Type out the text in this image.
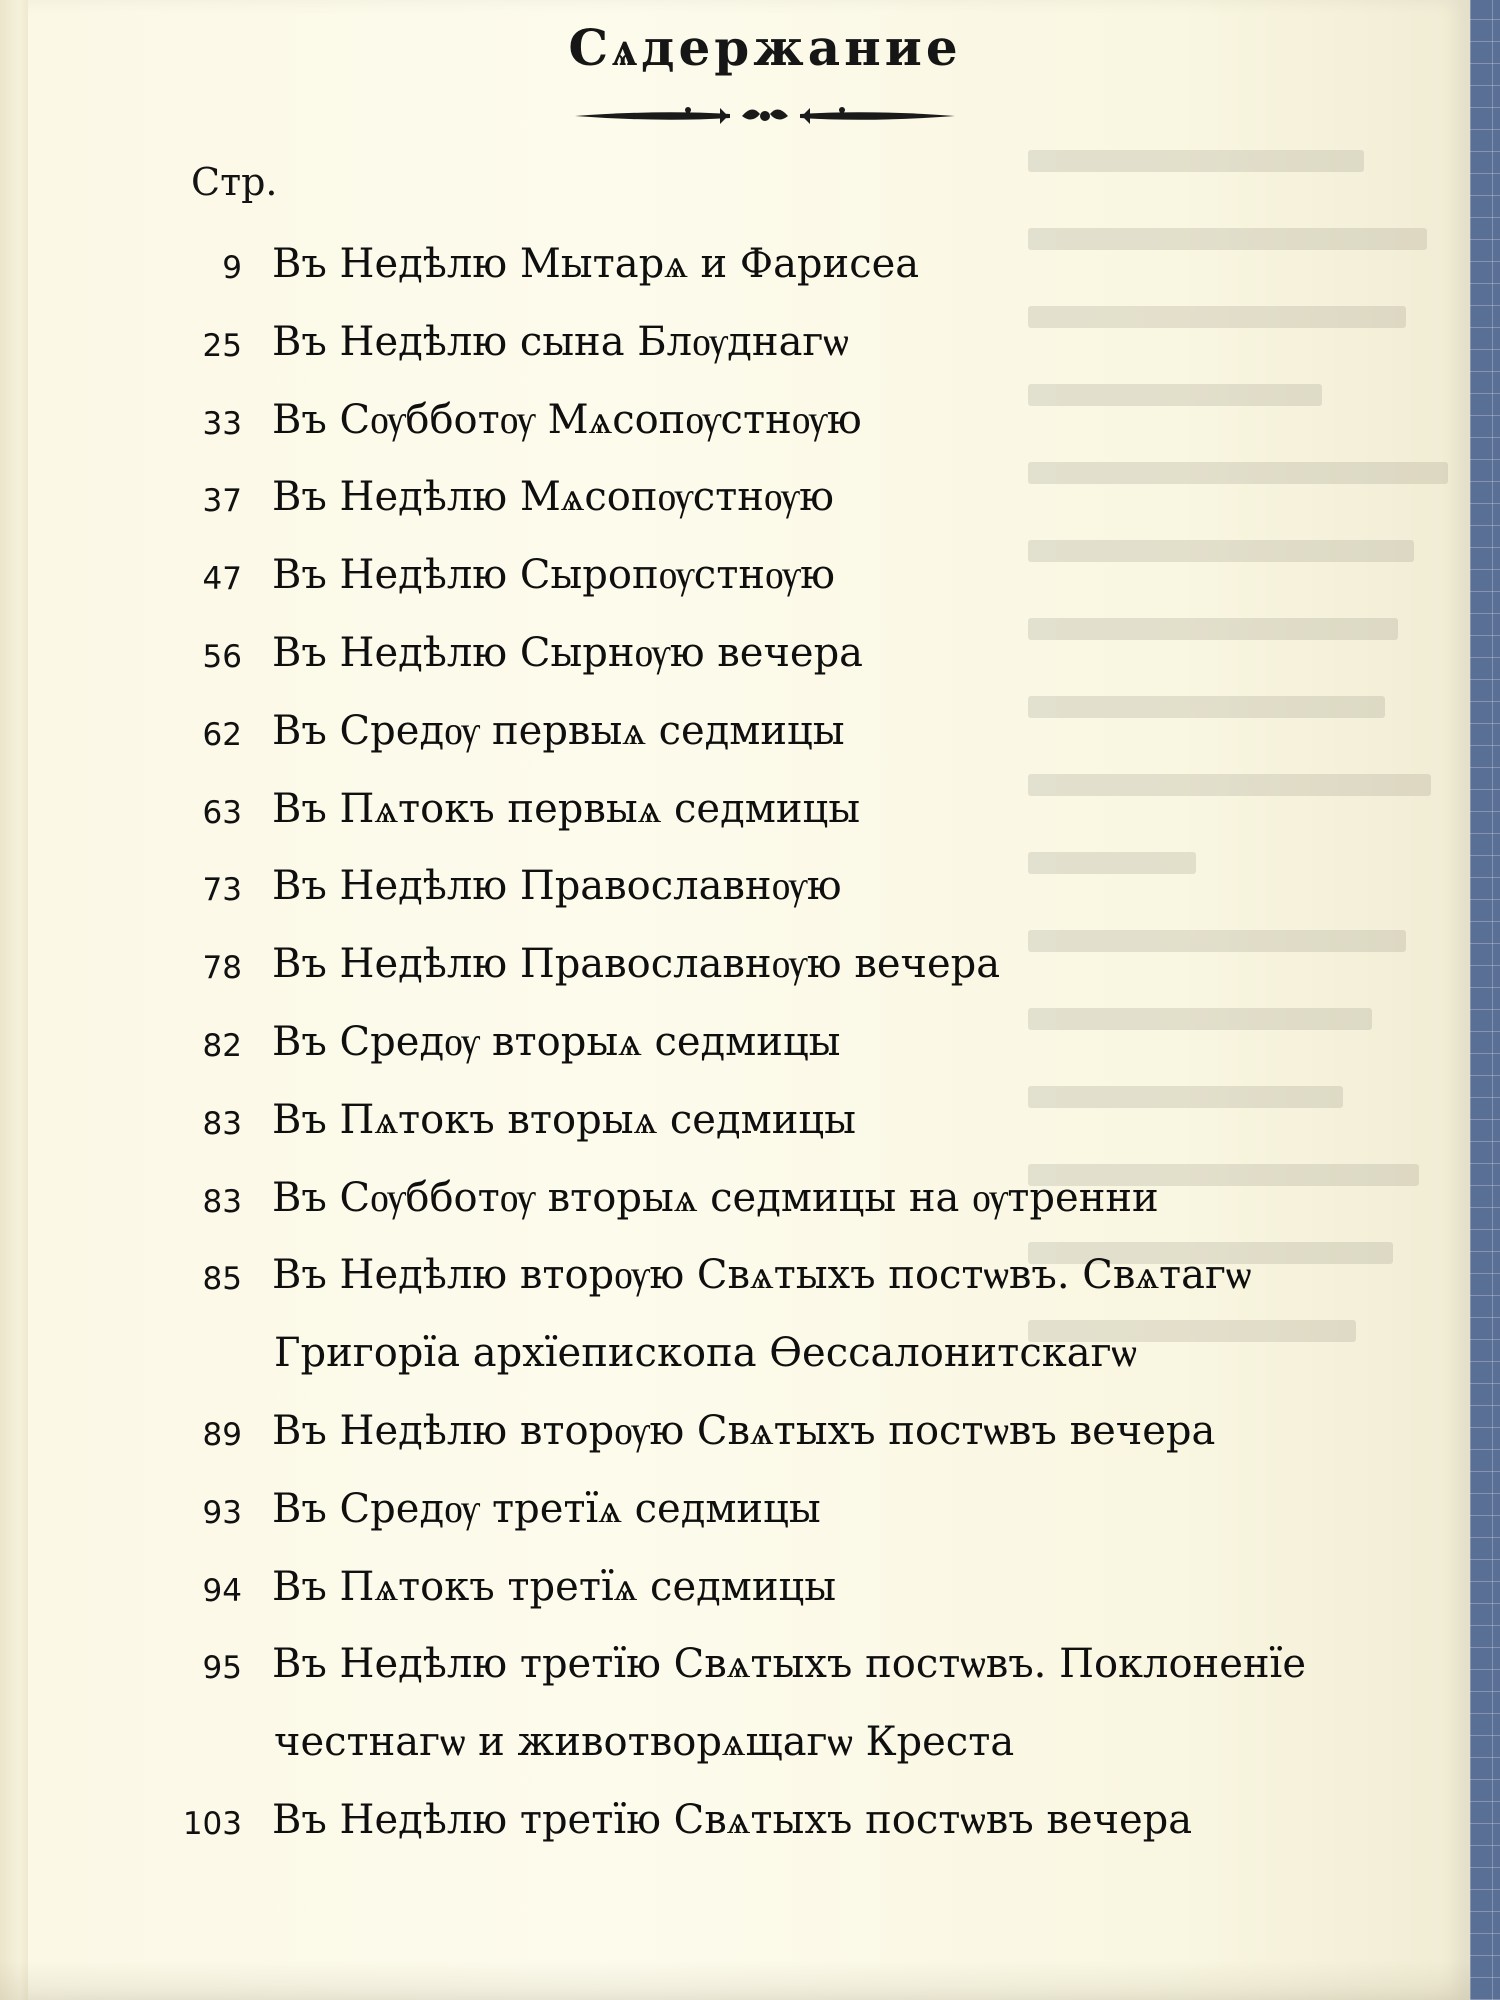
Сѧдержание
Стр.
9 Въ Недѣлю Мытарѧ и Фарисеа
25 Въ Недѣлю сына Блѹднагѡ
33 Въ Сѹбботѹ Мѧсопѹстнѹю
37 Въ Недѣлю Мѧсопѹстнѹю
47 Въ Недѣлю Сыропѹстнѹю
56 Въ Недѣлю Сырнѹю вечера
62 Въ Средѹ первыѧ седмицы
63 Въ Пѧтокъ первыѧ седмицы
73 Въ Недѣлю Православнѹю
78 Въ Недѣлю Православнѹю вечера
82 Въ Средѹ вторыѧ седмицы
83 Въ Пѧтокъ вторыѧ седмицы
83 Въ Сѹбботѹ вторыѧ седмицы на ѹтренни
85 Въ Недѣлю вторѹю Свѧтыхъ постѡвъ. Свѧтагѡ
Григорїа архїепископа Ѳессалонитскагѡ
89 Въ Недѣлю вторѹю Свѧтыхъ постѡвъ вечера
93 Въ Средѹ третїѧ седмицы
94 Въ Пѧтокъ третїѧ седмицы
95 Въ Недѣлю третїю Свѧтыхъ постѡвъ. Поклоненїе
честнагѡ и животворѧщагѡ Креста
103 Въ Недѣлю третїю Свѧтыхъ постѡвъ вечера
